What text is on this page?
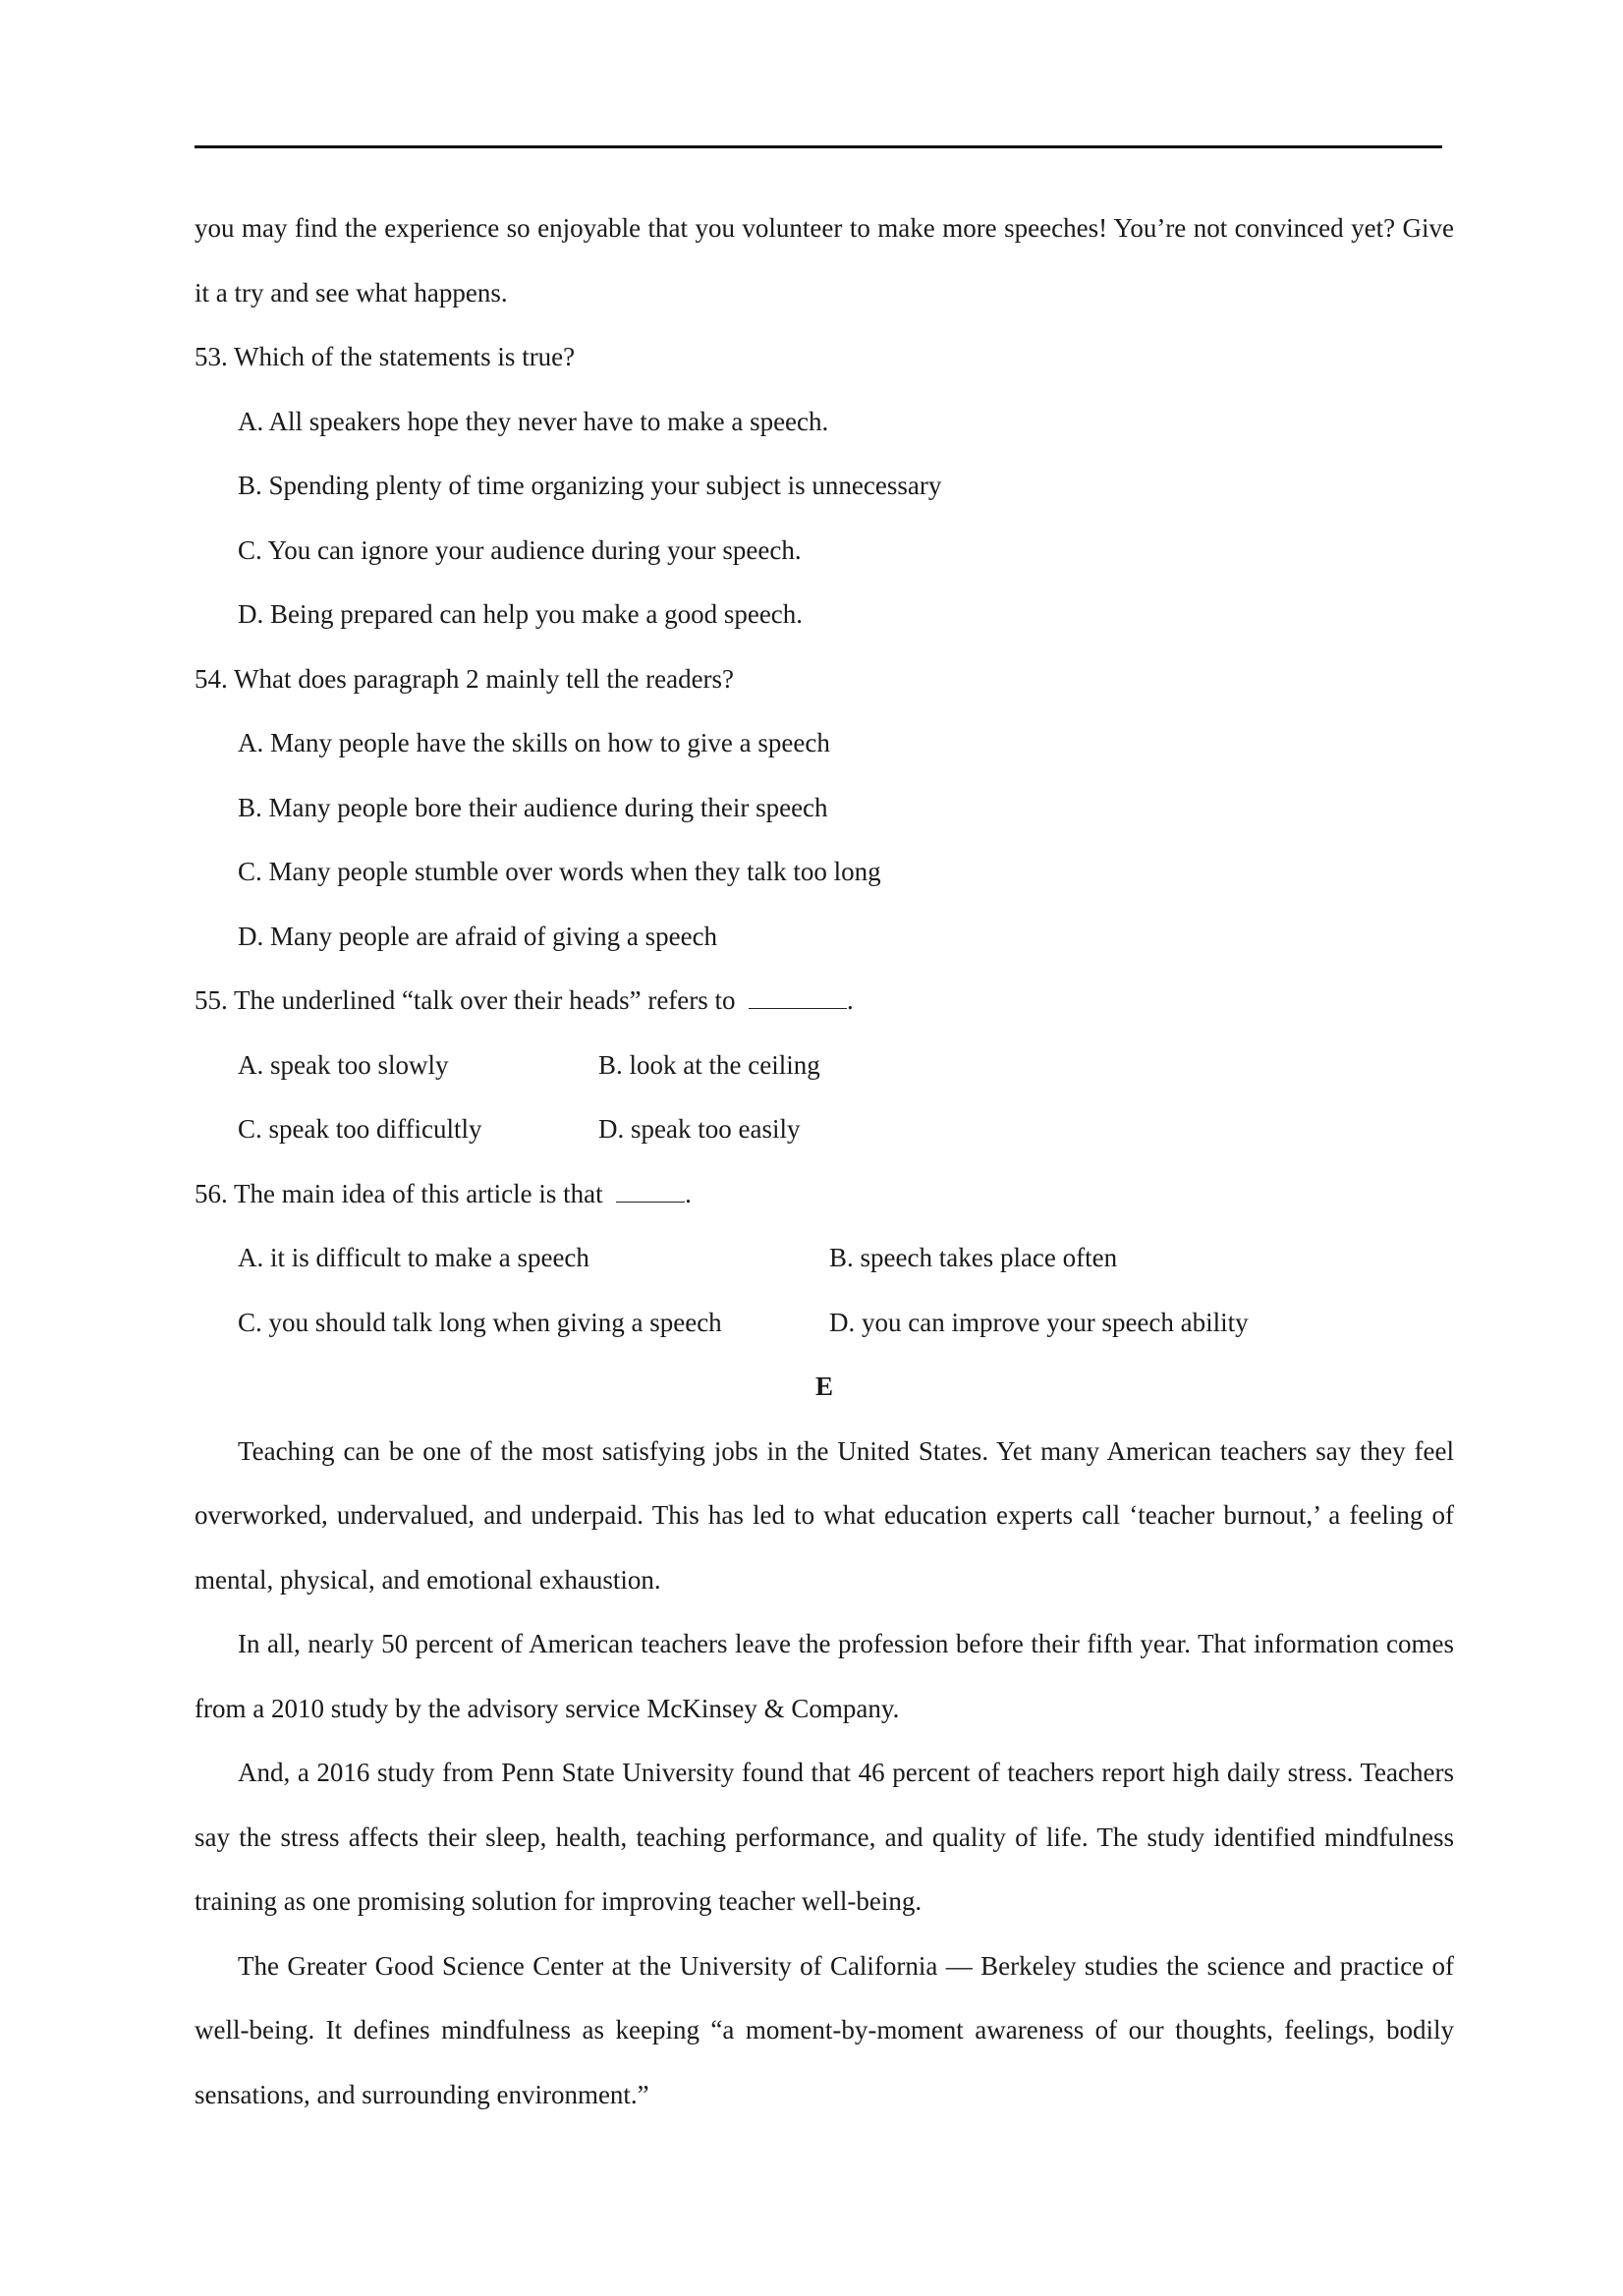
you may find the experience so enjoyable that you volunteer to make more speeches! You’re not convinced yet? Give it a try and see what happens.

53. Which of the statements is true?

A. All speakers hope they never have to make a speech.

B. Spending plenty of time organizing your subject is unnecessary

C. You can ignore your audience during your speech.

D. Being prepared can help you make a good speech.

54. What does paragraph 2 mainly tell the readers?

A. Many people have the skills on how to give a speech

B. Many people bore their audience during their speech

C. Many people stumble over words when they talk too long

D. Many people are afraid of giving a speech

55. The underlined “talk over their heads” refers to	.

A. speak too slowly	B. look at the ceiling
C. speak too difficultly	D. speak too easily

56. The main idea of this article is that	.

A. it is difficult to make a speech	B. speech takes place often
C. you should talk long when giving a speech	D. you can improve your speech ability

E

Teaching can be one of the most satisfying jobs in the United States. Yet many American teachers say they feel overworked, undervalued, and underpaid. This has led to what education experts call ‘teacher burnout,’ a feeling of mental, physical, and emotional exhaustion.

In all, nearly 50 percent of American teachers leave the profession before their fifth year. That information comes from a 2010 study by the advisory service McKinsey & Company.

And, a 2016 study from Penn State University found that 46 percent of teachers report high daily stress. Teachers say the stress affects their sleep, health, teaching performance, and quality of life. The study identified mindfulness training as one promising solution for improving teacher well-being.

The Greater Good Science Center at the University of California — Berkeley studies the science and practice of well-being. It defines mindfulness as keeping “a moment-by-moment awareness of our thoughts, feelings, bodily sensations, and surrounding environment.”
